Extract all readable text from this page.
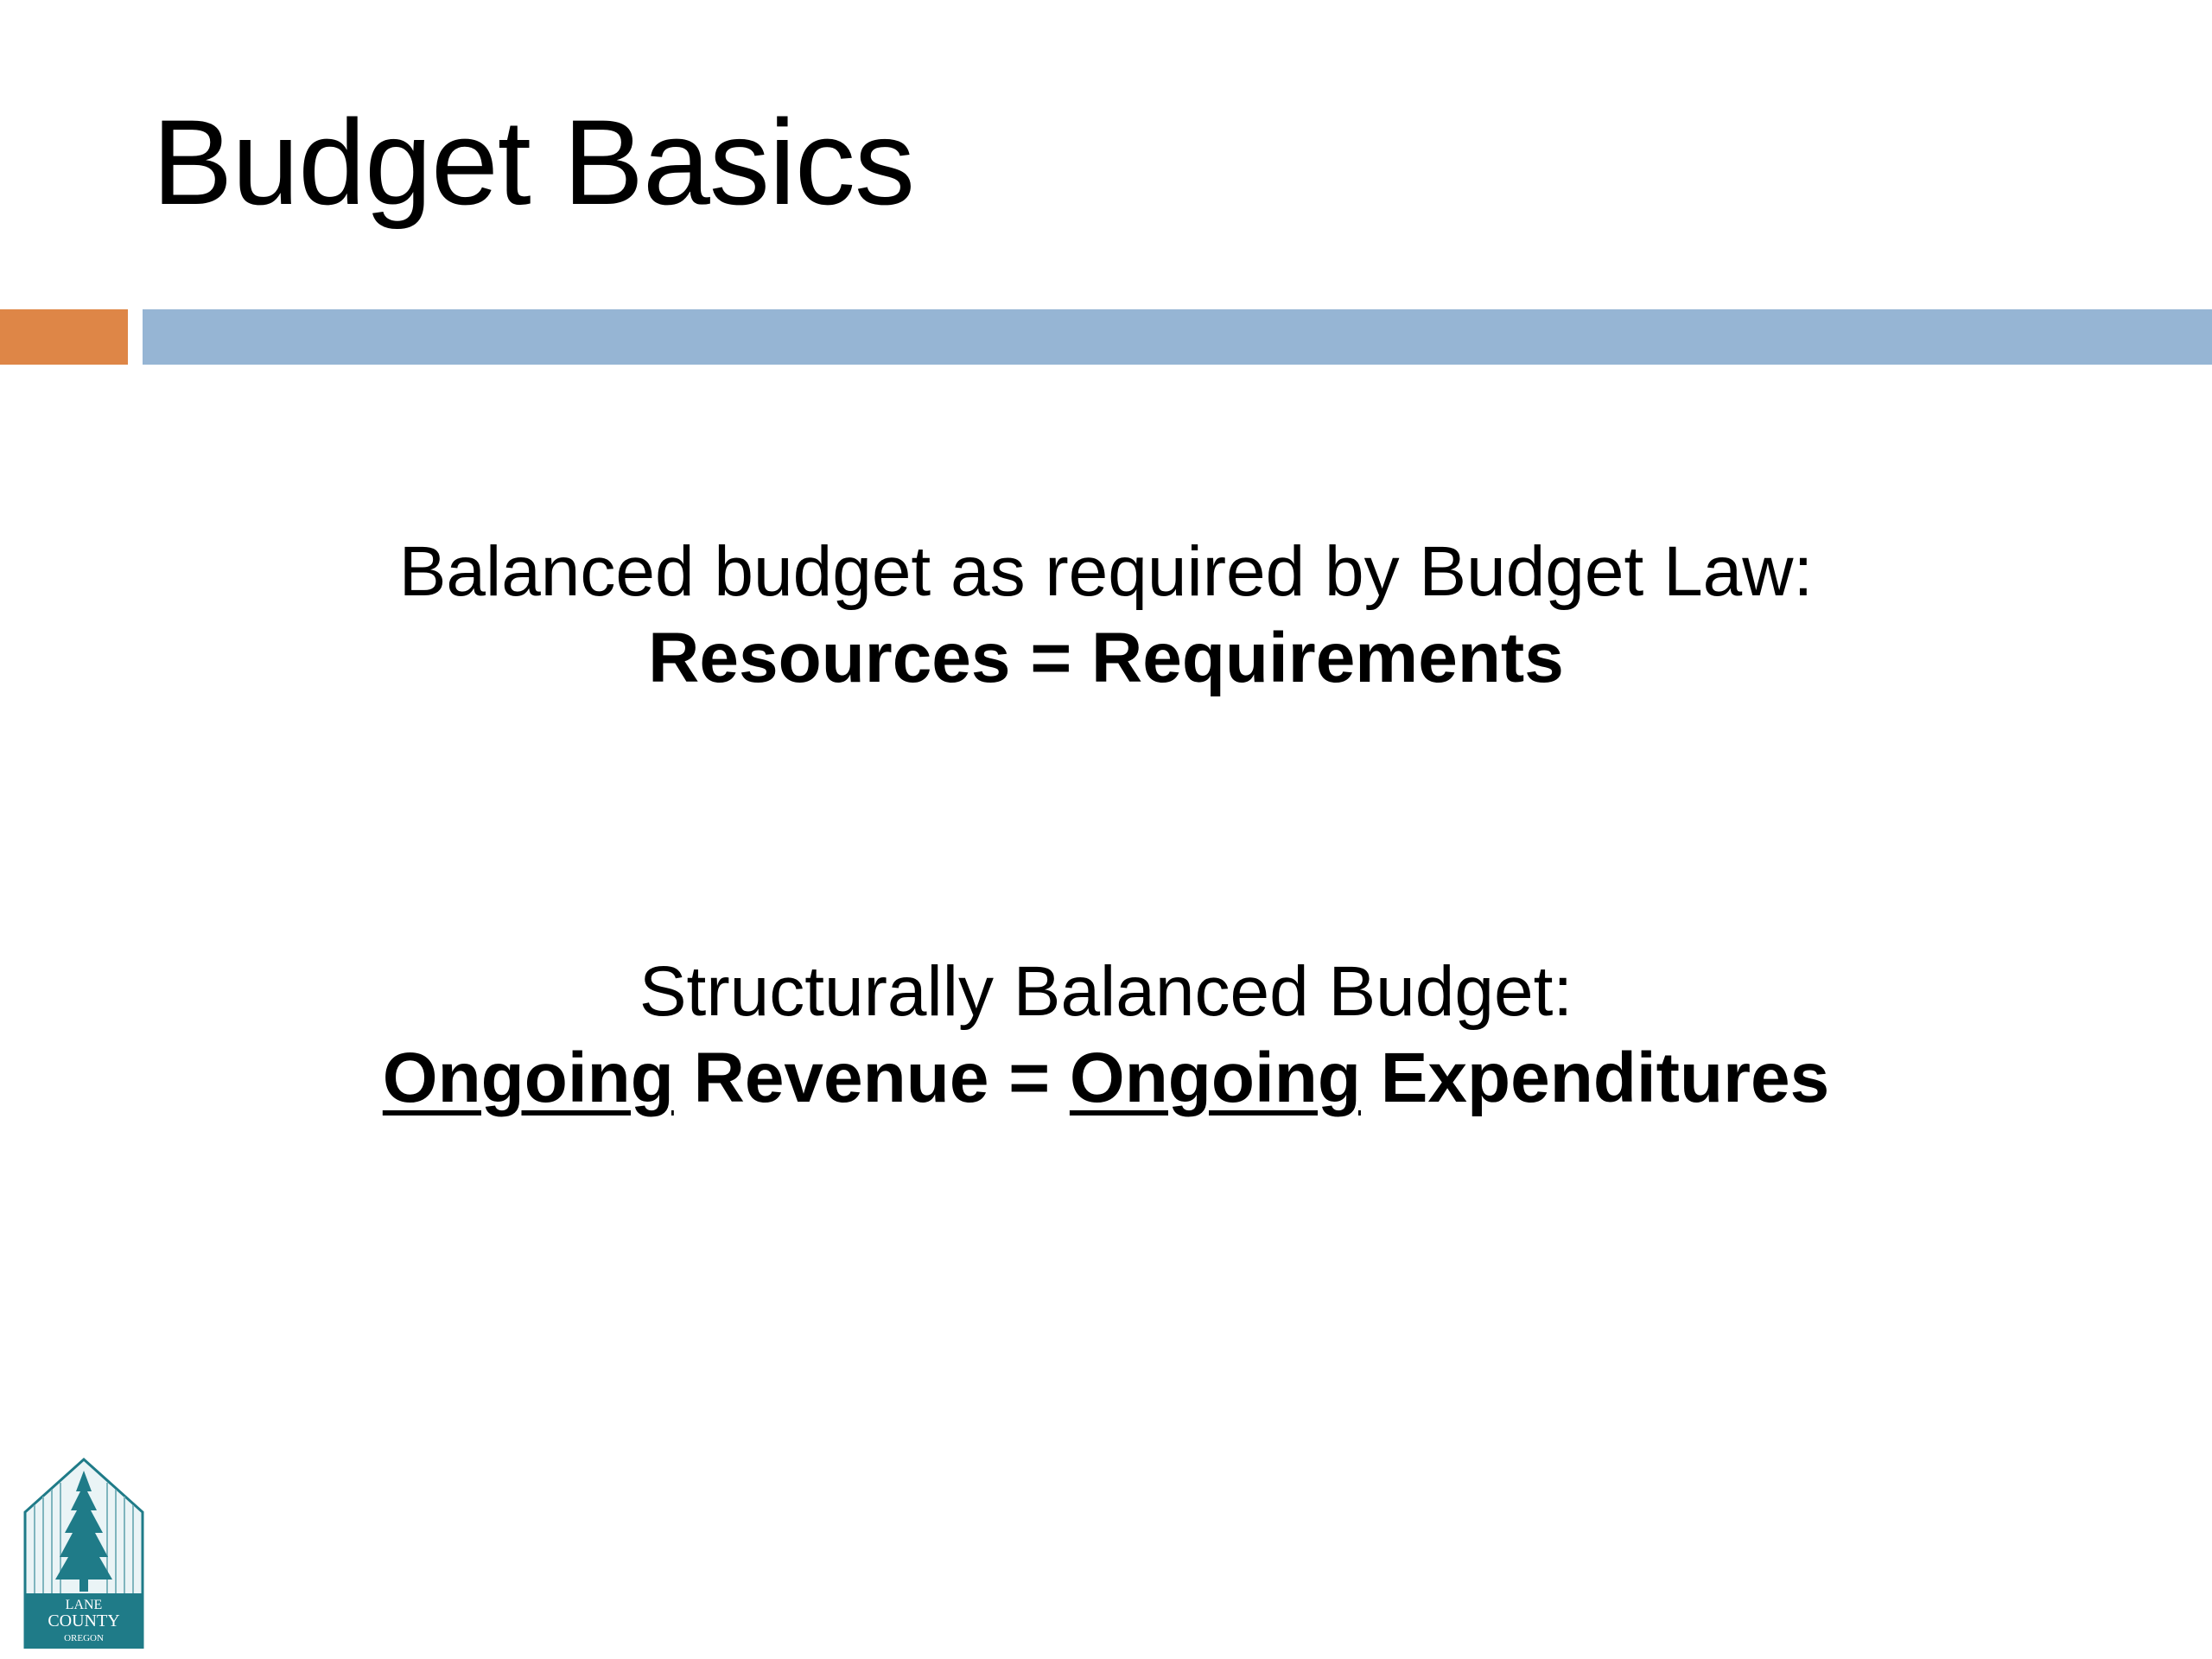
Budget Basics
Balanced budget as required by Budget Law:
Resources = Requirements
Structurally Balanced Budget:
Ongoing Revenue = Ongoing Expenditures
LANE
COUNTY
OREGON
